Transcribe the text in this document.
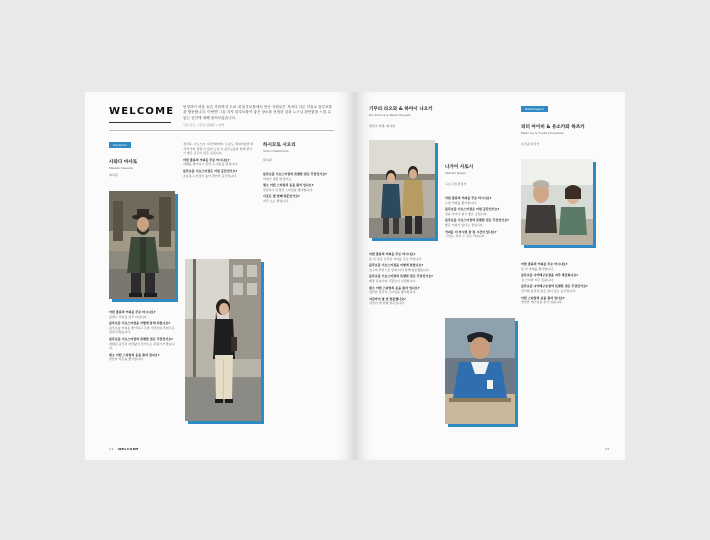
WELCOME 안녕하이 처음 들른 사람까지 도쿄 내 블루보틀에서 만난 사람들은 저마다 다른 이유로 블루보틀을 방문합니다. 이번엔 그들 각자 블루보틀이 좋은 장소를 선정한 것과 누구나 편안함을 느낄 수 있는 공간에 대해 물어보았습니다.
사진 사토 • 편집 김혜원 • 번역
Kiyosumi
사와다 마사토
Masato Sawada
회사원
어떤 종류의 커피를 주로 마시나요?
블렌드 커피를 자주 마십니다.
블루보틀 기요스미점을 어떻게 알게 되었나요?
블루보틀 커피를 좋아하고 주변 사람들의 추천으로 찾게 되었습니다.
블루보틀 기요스미점의 특별한 점은 무엇인가요?
개방된 공간과 자연광이 들어오는 분위기가 좋습니다.
평소 어떤 스타일의 옷을 즐겨 입나요?
편안한 차림을 좋아합니다.
정리하, 기요스미 시라카와에서 '도쿄도 현대미술관'과 '후카가와 정원'이 있어 도심 속 블루보틀과 함께 즐기기 좋은 공간이 많은 곳입니다.
어떤 종류의 커피를 주로 마시나요?
라떼를 좋아하고 일상 속 여유를 즐깁니다.
블루보틀 기요스미점은 어떤 공간인가요?
조용하고 천장이 높아 편안한 공간입니다.
하시모토 시오리
Shiori Hashimoto
회사원
블루보틀 기요스미점의 특별한 점은 무엇인가요?
커피가 정말 맛있어요.
평소 어떤 스타일의 옷을 즐겨 입나요?
깔끔하고 단정한 스타일을 좋아합니다.
이곳은 몇 번째 방문인가요?
자주 오는 편입니다.
14 WELCOME
기무라 라오와 & 하야시 나오키
Rui Kimura & Naoki Hayashi
대학교 학생, 회사원
어떤 종류의 커피를 주로 마시나요?
둘 다 싱글 오리진 커피를 주로 마십니다.
블루보틀 기요스미점을 어떻게 알았나요?
친구의 추천으로 알게 되어 함께 방문했습니다.
블루보틀 기요스미점의 특별한 점은 무엇인가요?
매장 분위기와 직원들이 친절합니다.
평소 어떤 스타일의 옷을 즐겨 입나요?
편안한 빈티지 스타일을 좋아합니다.
지금까지 몇 번 방문했나요?
이번이 세 번째 방문입니다.
나가이 사토시
Satoshi Nagai
프로그램 편집자
어떤 종류의 커피를 주로 마시나요?
드립 커피를 좋아합니다.
블루보틀 기요스미점은 어떤 공간인가요?
일을 하거나 쉬기 좋은 곳입니다.
블루보틀 기요스미점의 특별한 점은 무엇인가요?
좋은 커피가 있다는 점입니다.
커피를 더 마시면 잠 잘 시간이 있나요?
그럼요, 하루 두 잔은 마십니다.
Nakameguro
피터 아이비 & 유소카와 하츠카
Peter Ivy & Fuuka Hosokawa
유리공예 작가
어떤 종류의 커피를 주로 마시나요?
둘 다 라떼를 좋아합니다.
블루보틀 나카메구로점을 자주 방문하나요?
집 근처라 자주 들릅니다.
블루보틀 나카메구로점의 특별한 점은 무엇인가요?
강가의 풍경과 넓은 창이 있는 공간입니다.
어떤 스타일의 옷을 즐겨 입나요?
편안한 캐주얼을 즐겨 입습니다.
15
